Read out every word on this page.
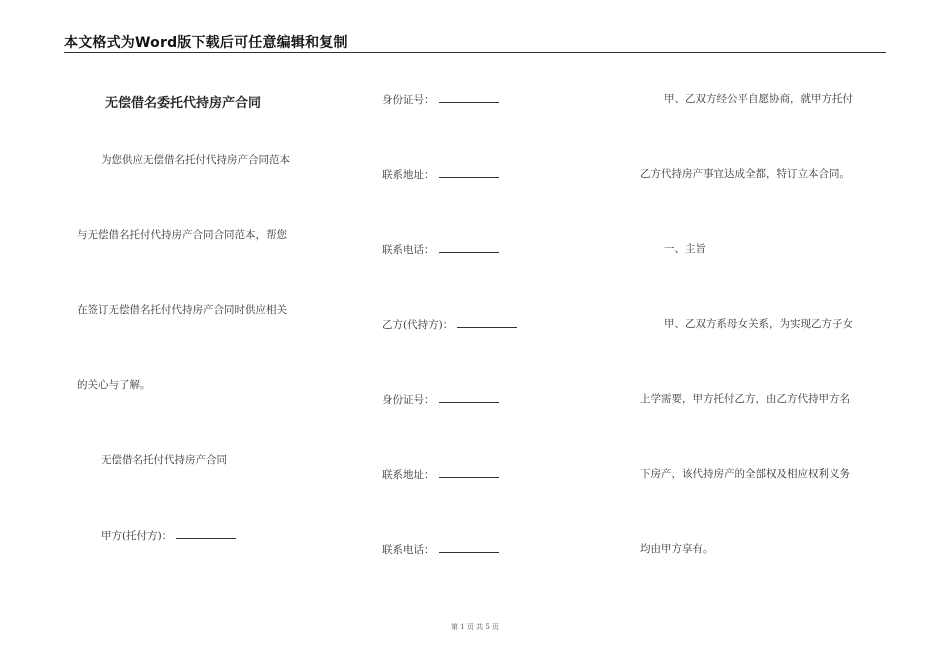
本文格式为Word版下载后可任意编辑和复制
无偿借名委托代持房产合同
为您供应无偿借名托付代持房产合同范本
与无偿借名托付代持房产合同合同范本，帮您
在签订无偿借名托付代持房产合同时供应相关
的关心与了解。
无偿借名托付代持房产合同
甲方(托付方)：
身份证号：
联系地址：
联系电话：
乙方(代持方)：
身份证号：
联系地址：
联系电话：
甲、乙双方经公平自愿协商，就甲方托付
乙方代持房产事宜达成全都，特订立本合同。
一、主旨
甲、乙双方系母女关系，为实现乙方子女
上学需要，甲方托付乙方，由乙方代持甲方名
下房产，该代持房产的全部权及相应权利义务
均由甲方享有。
第 1 页 共 5 页
